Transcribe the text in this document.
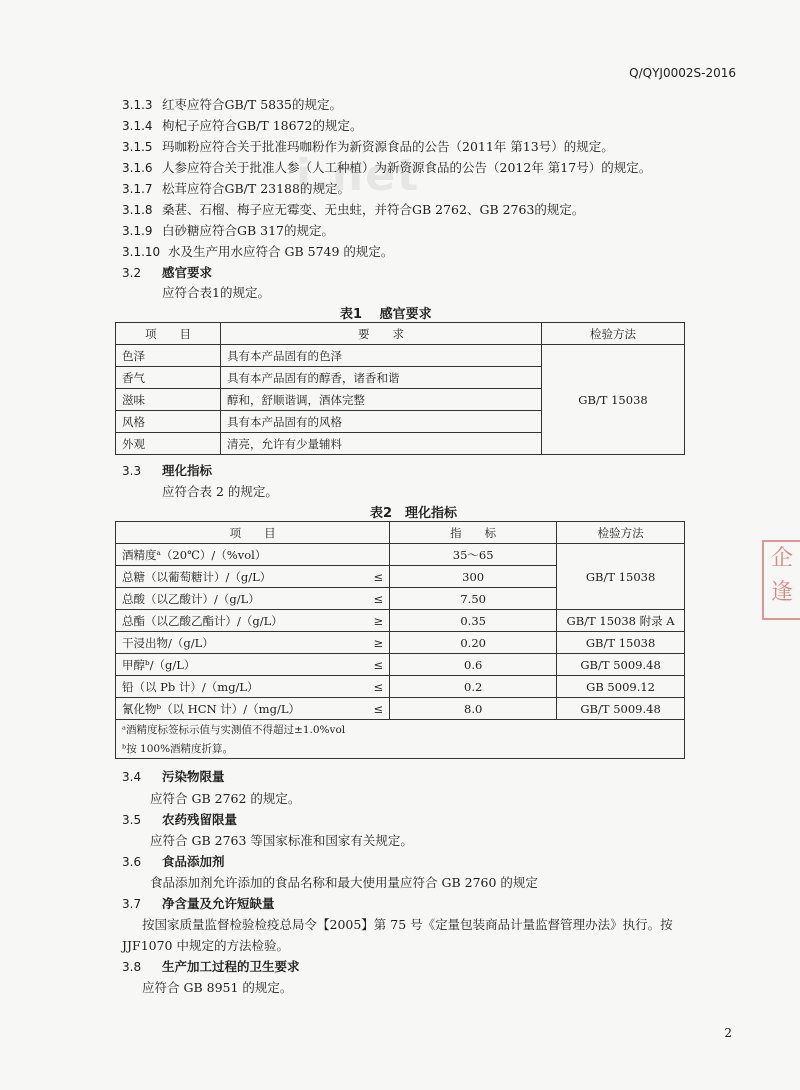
i.net
企
逢
Q/QYJ0002S-2016
3.1.3 红枣应符合GB/T 5835的规定。
3.1.4 枸杞子应符合GB/T 18672的规定。
3.1.5 玛咖粉应符合关于批准玛咖粉作为新资源食品的公告（2011年 第13号）的规定。
3.1.6 人参应符合关于批准人参（人工种植）为新资源食品的公告（2012年 第17号）的规定。
3.1.7 松茸应符合GB/T 23188的规定。
3.1.8 桑葚、石榴、梅子应无霉变、无虫蛀，并符合GB 2762、GB 2763的规定。
3.1.9 白砂糖应符合GB 317的规定。
3.1.10 水及生产用水应符合 GB 5749 的规定。
3.2 感官要求
应符合表1的规定。
表1　 感官要求
项　　目	要　　求	检验方法
色泽	具有本产品固有的色泽	GB/T 15038
香气	具有本产品固有的醇香，诸香和谐	
滋味	醇和，舒顺谐调，酒体完整	
风格	具有本产品固有的风格	
外观	清亮，允许有少量辅料	
3.3 理化指标
应符合表 2 的规定。
表2　理化指标
项　　目		指　　标	检验方法
酒精度ᵃ（20℃）/（%vol）		35～65	GB/T 15038
总糖（以葡萄糖计）/（g/L）	≤	300	
总酸（以乙酸计）/（g/L）	≤	7.50	
总酯（以乙酸乙酯计）/（g/L）	≥	0.35	GB/T 15038 附录 A
干浸出物/（g/L）	≥	0.20	GB/T 15038
甲醇ᵇ/（g/L）	≤	0.6	GB/T 5009.48
铅（以 Pb 计）/（mg/L）	≤	0.2	GB 5009.12
氰化物ᵇ（以 HCN 计）/（mg/L）	≤	8.0	GB/T 5009.48
ᵃ酒精度标签标示值与实测值不得超过±1.0%vol			
ᵇ按 100%酒精度折算。			
3.4 污染物限量
应符合 GB 2762 的规定。
3.5 农药残留限量
应符合 GB 2763 等国家标准和国家有关规定。
3.6 食品添加剂
食品添加剂允许添加的食品名称和最大使用量应符合 GB 2760 的规定
3.7 净含量及允许短缺量
按国家质量监督检验检疫总局令【2005】第 75 号《定量包装商品计量监督管理办法》执行。按
JJF1070 中规定的方法检验。
3.8 生产加工过程的卫生要求
应符合 GB 8951 的规定。
2
